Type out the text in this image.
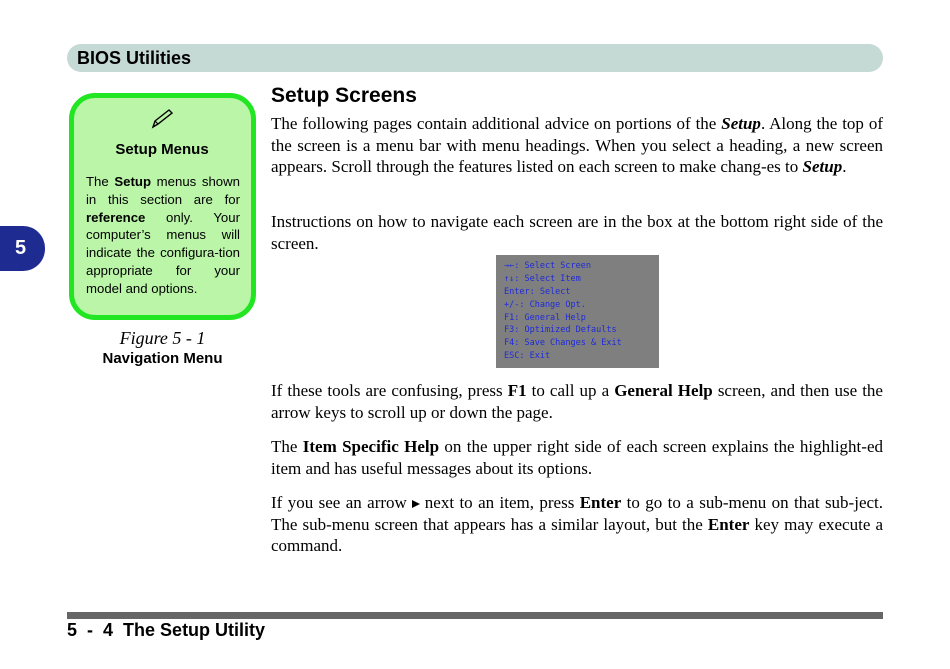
BIOS Utilities
5
Setup Menus
The Setup menus shown in this section are for reference only. Your computer’s menus will indicate the configura-tion appropriate for your model and options.
Figure 5 - 1
Navigation Menu
Setup Screens
The following pages contain additional advice on portions of the Setup. Along the top of the screen is a menu bar with menu headings. When you select a heading, a new screen appears. Scroll through the features listed on each screen to make chang-es to Setup.
Instructions on how to navigate each screen are in the box at the bottom right side of the screen.
→←: Select Screen
↑↓: Select Item
Enter: Select
+/-: Change Opt.
F1: General Help
F3: Optimized Defaults
F4: Save Changes & Exit
ESC: Exit
If these tools are confusing, press F1 to call up a General Help screen, and then use the arrow keys to scroll up or down the page.
The Item Specific Help on the upper right side of each screen explains the highlight-ed item and has useful messages about its options.
If you see an arrow next to an item, press Enter to go to a sub-menu on that sub-ject. The sub-menu screen that appears has a similar layout, but the Enter key may execute a command.
5  -  4 The Setup Utility
